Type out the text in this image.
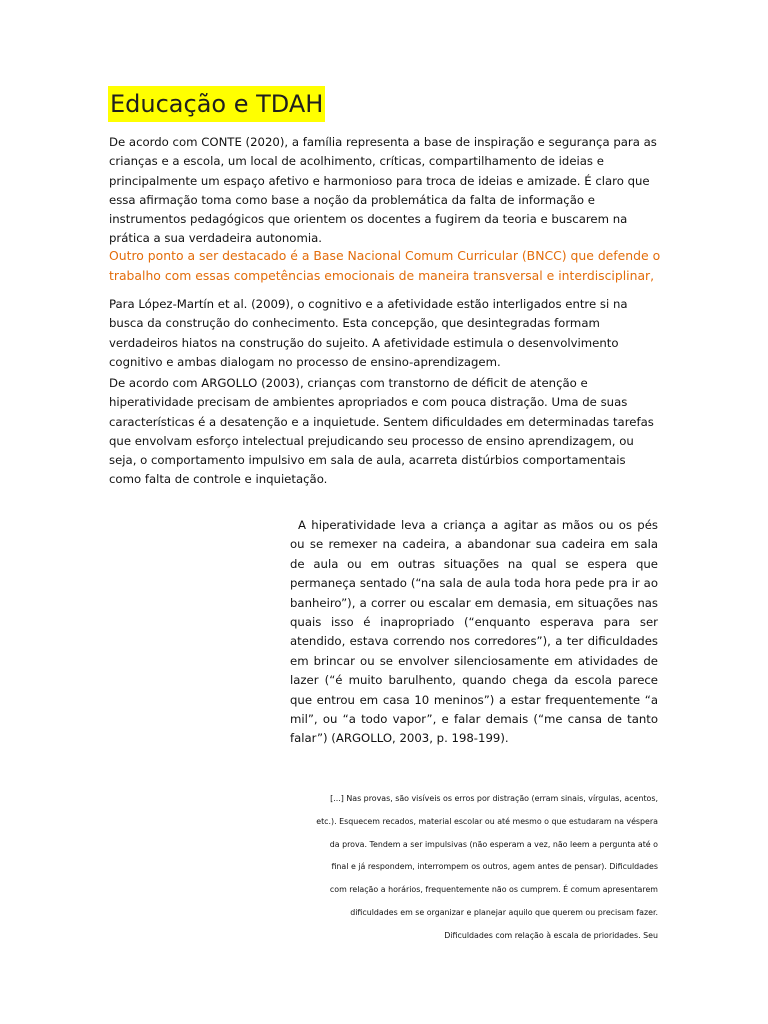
Educação e TDAH

De acordo com CONTE (2020), a família representa a base de inspiração e segurança para as crianças e a escola, um local de acolhimento, críticas, compartilhamento de ideias e principalmente um espaço afetivo e harmonioso para troca de ideias e amizade. É claro que essa afirmação toma como base a noção da problemática da falta de informação e instrumentos pedagógicos que orientem os docentes a fugirem da teoria e buscarem na prática a sua verdadeira autonomia.

Outro ponto a ser destacado é a Base Nacional Comum Curricular (BNCC) que defende o trabalho com essas competências emocionais de maneira transversal e interdisciplinar,

Para López-Martín et al. (2009), o cognitivo e a afetividade estão interligados entre si na busca da construção do conhecimento. Esta concepção, que desintegradas formam verdadeiros hiatos na construção do sujeito. A afetividade estimula o desenvolvimento cognitivo e ambas dialogam no processo de ensino-aprendizagem.

De acordo com ARGOLLO (2003), crianças com transtorno de déficit de atenção e hiperatividade precisam de ambientes apropriados e com pouca distração. Uma de suas características é a desatenção e a inquietude. Sentem dificuldades em determinadas tarefas que envolvam esforço intelectual prejudicando seu processo de ensino aprendizagem, ou seja, o comportamento impulsivo em sala de aula, acarreta distúrbios comportamentais como falta de controle e inquietação.

A hiperatividade leva a criança a agitar as mãos ou os pés ou se remexer na cadeira, a abandonar sua cadeira em sala de aula ou em outras situações na qual se espera que permaneça sentado (“na sala de aula toda hora pede pra ir ao banheiro”), a correr ou escalar em demasia, em situações nas quais isso é inapropriado (“enquanto esperava para ser atendido, estava correndo nos corredores”), a ter dificuldades em brincar ou se envolver silenciosamente em atividades de lazer (“é muito barulhento, quando chega da escola parece que entrou em casa 10 meninos”) a estar frequentemente “a mil”, ou “a todo vapor”, e falar demais (“me cansa de tanto falar”) (ARGOLLO, 2003, p. 198-199).

[...] Nas provas, são visíveis os erros por distração (erram sinais, vírgulas, acentos, etc.). Esquecem recados, material escolar ou até mesmo o que estudaram na véspera da prova. Tendem a ser impulsivas (não esperam a vez, não leem a pergunta até o final e já respondem, interrompem os outros, agem antes de pensar). Dificuldades com relação a horários, frequentemente não os cumprem. É comum apresentarem dificuldades em se organizar e planejar aquilo que querem ou precisam fazer. Dificuldades com relação à escala de prioridades. Seu
